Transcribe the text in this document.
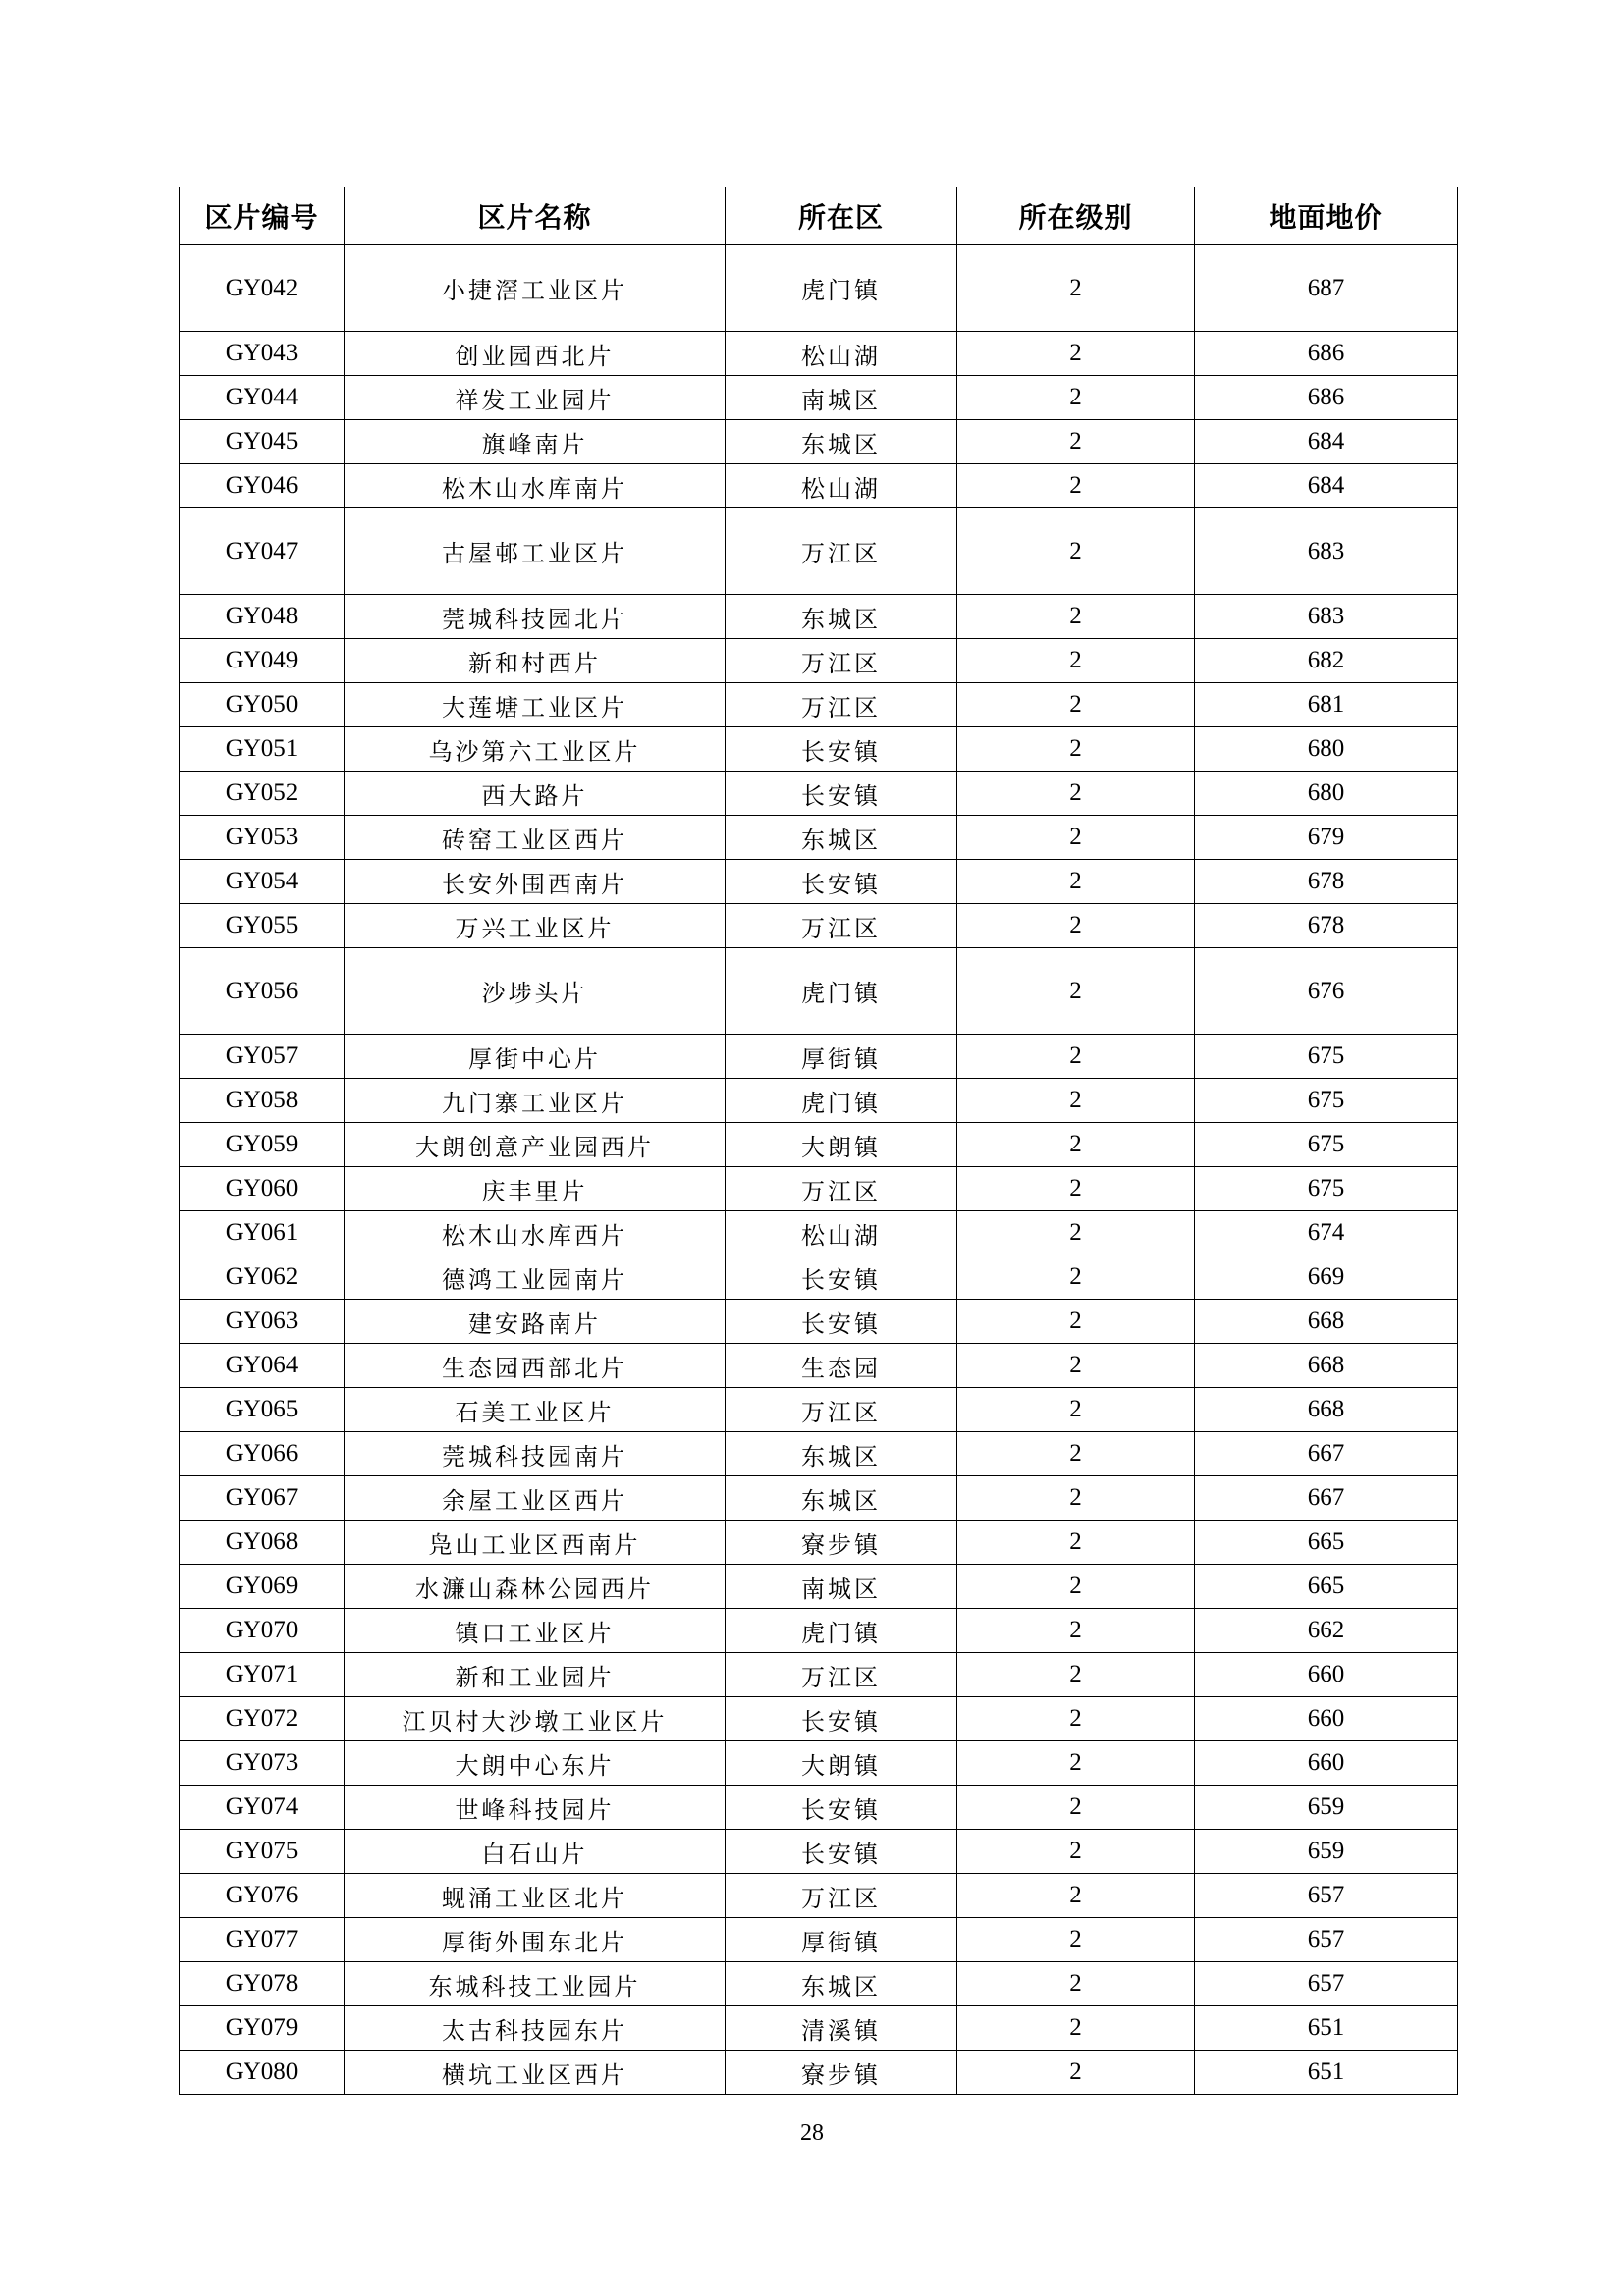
区片编号	区片名称	所在区	所在级别	地面地价
GY042	小捷滘工业区片	虎门镇	2	687
GY043	创业园西北片	松山湖	2	686
GY044	祥发工业园片	南城区	2	686
GY045	旗峰南片	东城区	2	684
GY046	松木山水库南片	松山湖	2	684
GY047	古屋邨工业区片	万江区	2	683
GY048	莞城科技园北片	东城区	2	683
GY049	新和村西片	万江区	2	682
GY050	大莲塘工业区片	万江区	2	681
GY051	乌沙第六工业区片	长安镇	2	680
GY052	西大路片	长安镇	2	680
GY053	砖窑工业区西片	东城区	2	679
GY054	长安外围西南片	长安镇	2	678
GY055	万兴工业区片	万江区	2	678
GY056	沙埗头片	虎门镇	2	676
GY057	厚街中心片	厚街镇	2	675
GY058	九门寨工业区片	虎门镇	2	675
GY059	大朗创意产业园西片	大朗镇	2	675
GY060	庆丰里片	万江区	2	675
GY061	松木山水库西片	松山湖	2	674
GY062	德鸿工业园南片	长安镇	2	669
GY063	建安路南片	长安镇	2	668
GY064	生态园西部北片	生态园	2	668
GY065	石美工业区片	万江区	2	668
GY066	莞城科技园南片	东城区	2	667
GY067	余屋工业区西片	东城区	2	667
GY068	凫山工业区西南片	寮步镇	2	665
GY069	水濂山森林公园西片	南城区	2	665
GY070	镇口工业区片	虎门镇	2	662
GY071	新和工业园片	万江区	2	660
GY072	江贝村大沙墩工业区片	长安镇	2	660
GY073	大朗中心东片	大朗镇	2	660
GY074	世峰科技园片	长安镇	2	659
GY075	白石山片	长安镇	2	659
GY076	蚬涌工业区北片	万江区	2	657
GY077	厚街外围东北片	厚街镇	2	657
GY078	东城科技工业园片	东城区	2	657
GY079	太古科技园东片	清溪镇	2	651
GY080	横坑工业区西片	寮步镇	2	651
28
